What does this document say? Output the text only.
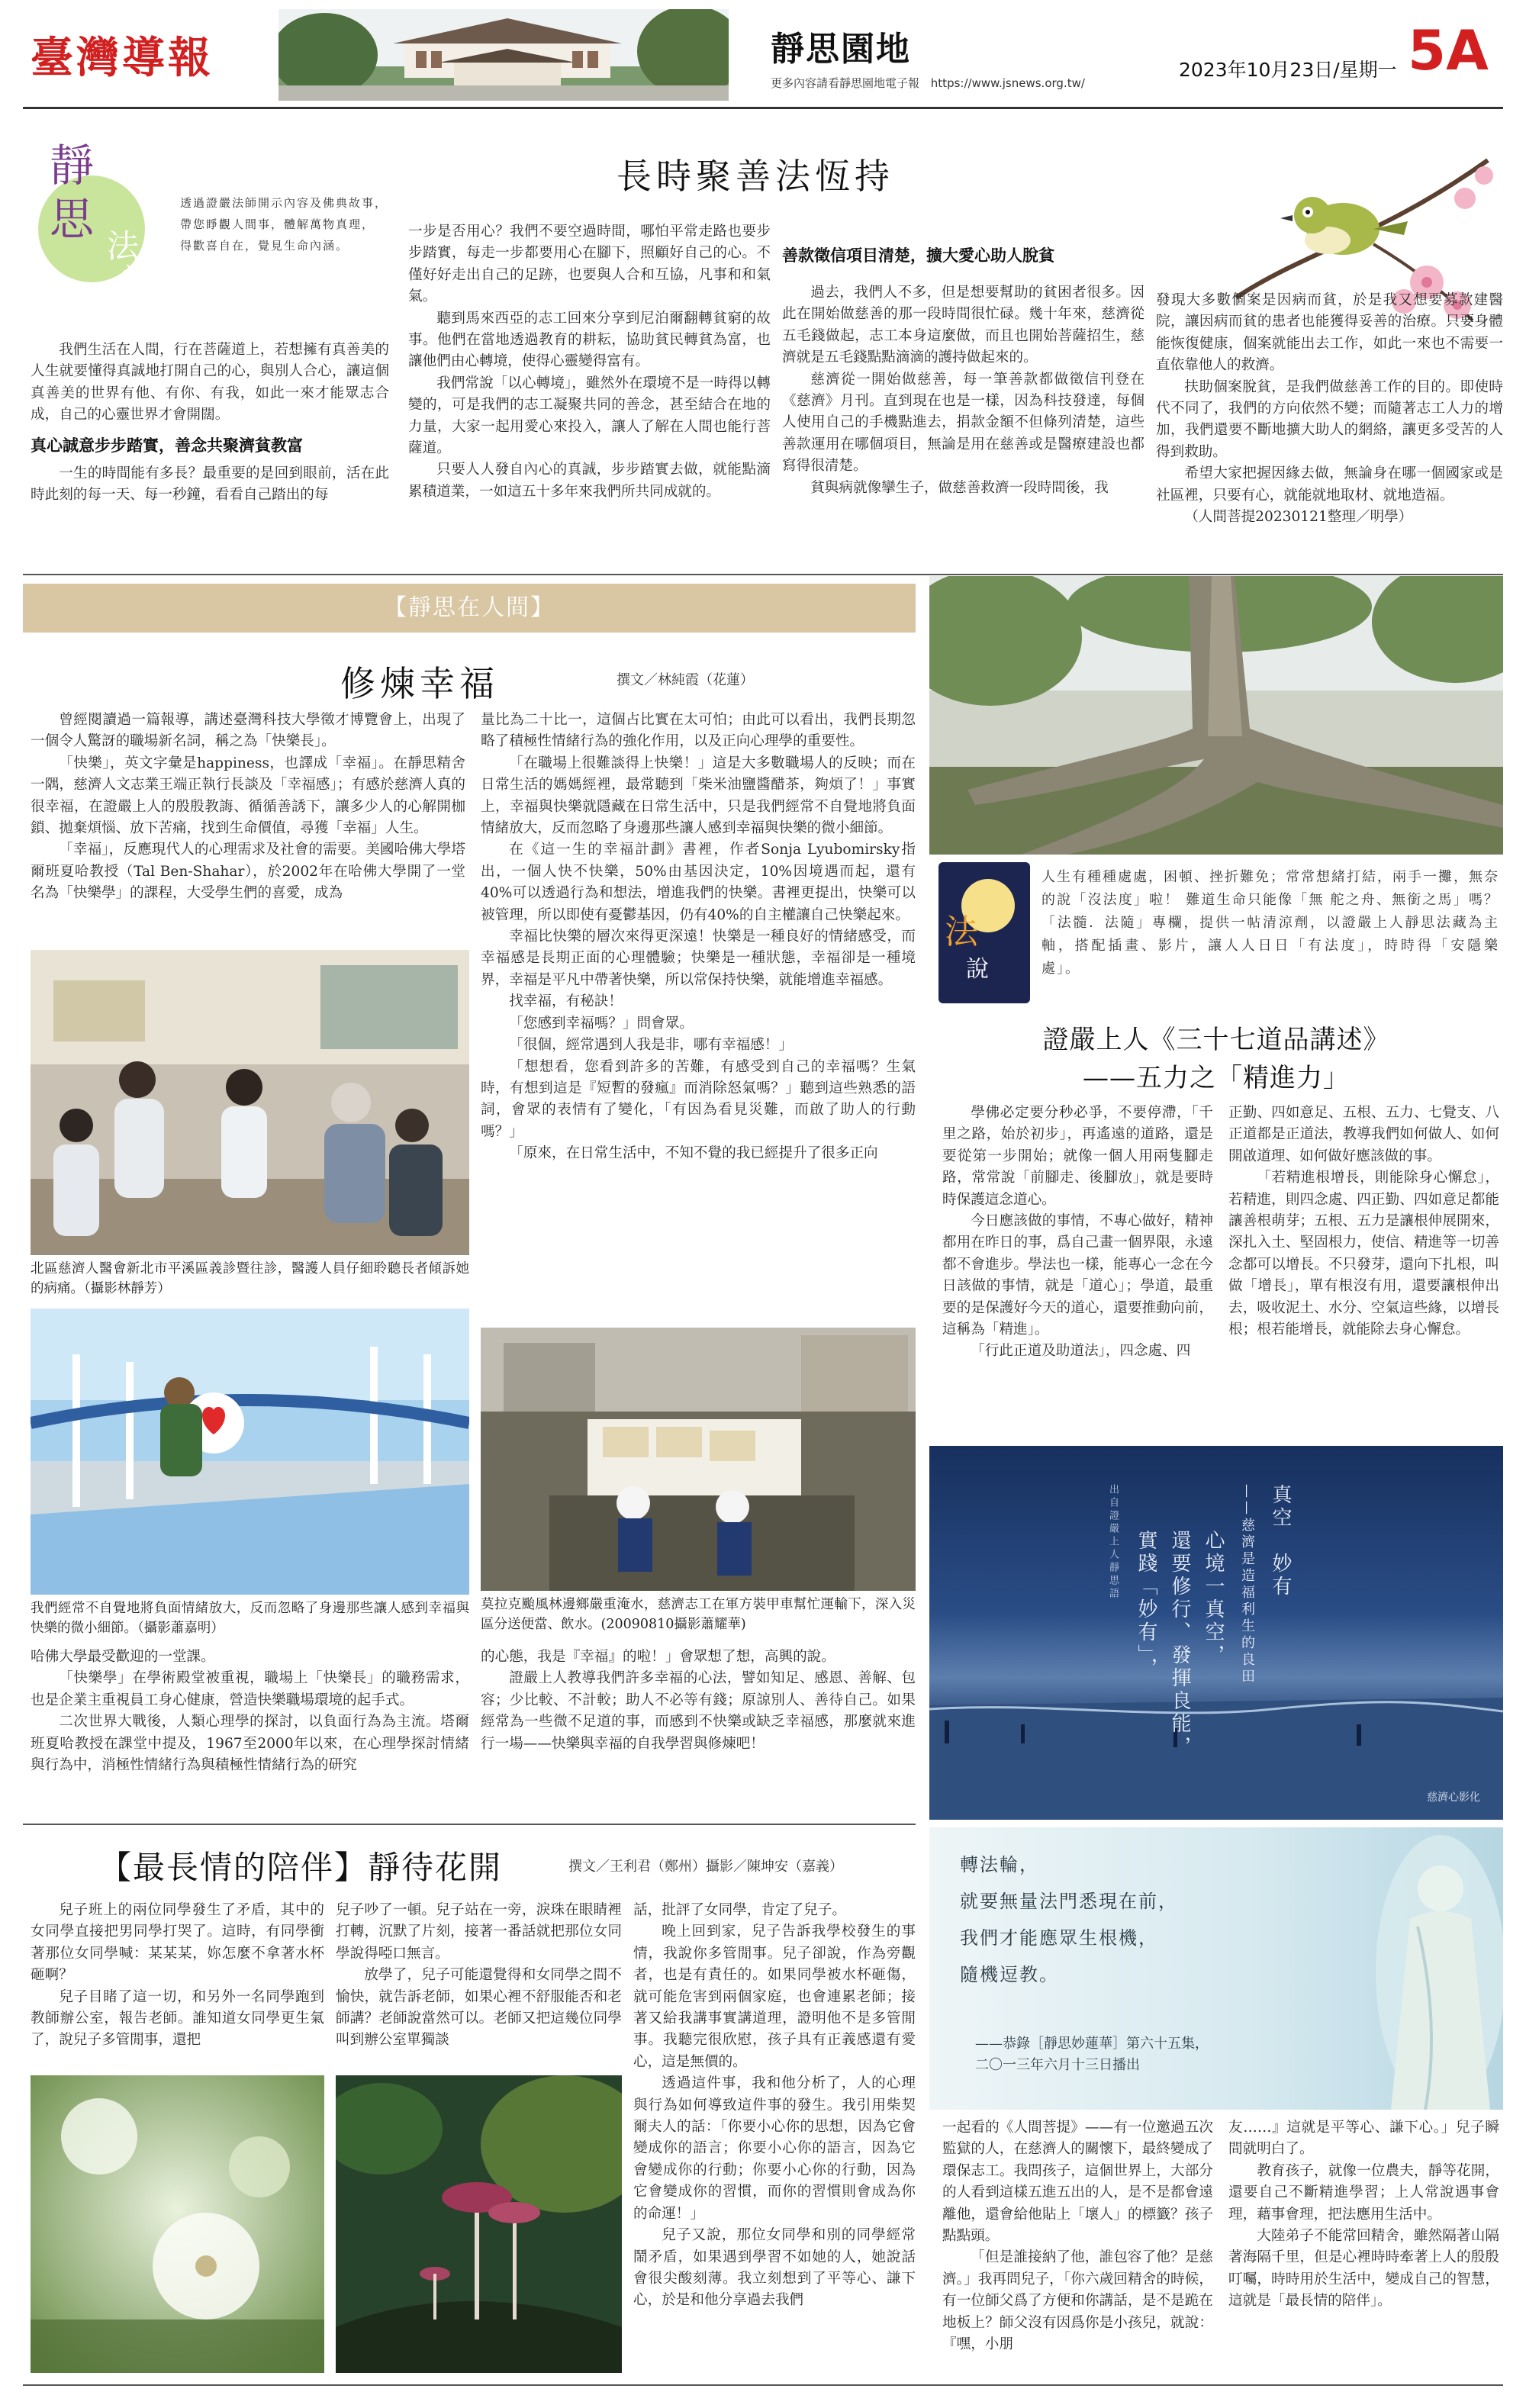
臺灣導報	靜思園地
更多內容請看靜思園地電子報 https://www.jsnews.org.tw/
2023年10月23日/星期一 5A
靜
思
法
語
透過證嚴法師開示內容及佛典故事，
帶您睜觀人間事，體解萬物真理，
得歡喜自在，覺見生命內涵。
長時聚善法恆持

我們生活在人間，行在菩薩道上，若想擁有真善美的人生就要懂得真誠地打開自己的心，與別人合心，讓這個真善美的世界有他、有你、有我，如此一來才能眾志合成，自己的心靈世界才會開闊。

真心誠意步步踏實，善念共聚濟貧教富

一生的時間能有多長？最重要的是回到眼前，活在此時此刻的每一天、每一秒鐘，看看自己踏出的每

一步是否用心？我們不要空過時間，哪怕平常走路也要步步踏實，每走一步都要用心在腳下，照顧好自己的心。不僅好好走出自己的足跡，也要與人合和互協，凡事和和氣氣。

聽到馬來西亞的志工回來分享到尼泊爾翻轉貧窮的故事。他們在當地透過教育的耕耘，協助貧民轉貧為富，也讓他們由心轉境，使得心靈變得富有。

我們常說「以心轉境」，雖然外在環境不是一時得以轉變的，可是我們的志工凝聚共同的善念，甚至結合在地的力量，大家一起用愛心來投入，讓人了解在人間也能行菩薩道。

只要人人發自內心的真誠，步步踏實去做，就能點滴累積道業，一如這五十多年來我們所共同成就的。

善款徵信項目清楚，擴大愛心助人脫貧

過去，我們人不多，但是想要幫助的貧困者很多。因此在開始做慈善的那一段時間很忙碌。幾十年來，慈濟從五毛錢做起，志工本身這麼做，而且也開始菩薩招生，慈濟就是五毛錢點點滴滴的護持做起來的。

慈濟從一開始做慈善，每一筆善款都做徵信刊登在《慈濟》月刊。直到現在也是一樣，因為科技發達，每個人使用自己的手機點進去，捐款金額不但條列清楚，這些善款運用在哪個項目，無論是用在慈善或是醫療建設也都寫得很清楚。

貧與病就像攣生子，做慈善救濟一段時間後，我

發現大多數個案是因病而貧，於是我又想要募款建醫院，讓因病而貧的患者也能獲得妥善的治療。只要身體能恢復健康，個案就能出去工作，如此一來也不需要一直依靠他人的救濟。

扶助個案脫貧，是我們做慈善工作的目的。即使時代不同了，我們的方向依然不變；而隨著志工人力的增加，我們還要不斷地擴大助人的網絡，讓更多受苦的人得到救助。

希望大家把握因緣去做，無論身在哪一個國家或是社區裡，只要有心，就能就地取材、就地造福。

（人間菩提20230121整理／明學）

【靜思在人間】
修煉幸福	撰文／林純霞（花蓮）

曾經閱讀過一篇報導，講述臺灣科技大學徵才博覽會上，出現了一個令人驚訝的職場新名詞，稱之為「快樂長」。

「快樂」，英文字彙是happiness，也譯成「幸福」。在靜思精舍一隅，慈濟人文志業王端正執行長談及「幸福感」；有感於慈濟人真的很幸福，在證嚴上人的殷殷教誨、循循善誘下，讓多少人的心解開枷鎖、拋棄煩惱、放下苦痛，找到生命價值，尋獲「幸福」人生。

「幸福」，反應現代人的心理需求及社會的需要。美國哈佛大學塔爾班夏哈教授（Tal Ben-Shahar），於2002年在哈佛大學開了一堂名為「快樂學」的課程，大受學生們的喜愛，成為

量比為二十比一，這個占比實在太可怕；由此可以看出，我們長期忽略了積極性情緒行為的強化作用，以及正向心理學的重要性。

「在職場上很難談得上快樂！」這是大多數職場人的反映；而在日常生活的媽媽經裡，最常聽到「柴米油鹽醬醋茶，夠煩了！」事實上，幸福與快樂就隱藏在日常生活中，只是我們經常不自覺地將負面情緒放大，反而忽略了身邊那些讓人感到幸福與快樂的微小細節。

在《這一生的幸福計劃》書裡，作者Sonja Lyubomirsky指出，一個人快不快樂，50%由基因決定，10%因境遇而起，還有40%可以透過行為和想法，增進我們的快樂。書裡更提出，快樂可以被管理，所以即使有憂鬱基因，仍有40%的自主權讓自己快樂起來。

幸福比快樂的層次來得更深遠！快樂是一種良好的情緒感受，而幸福感是長期正面的心理體驗；快樂是一種狀態，幸福卻是一種境界，幸福是平凡中帶著快樂，所以常保持快樂，就能增進幸福感。

找幸福，有秘訣！

「您感到幸福嗎？」問會眾。

「很個，經常遇到人我是非，哪有幸福感！」

「想想看，您看到許多的苦難，有感受到自己的幸福嗎？生氣時，有想到這是『短暫的發瘋』而消除怒氣嗎？」聽到這些熟悉的語詞，會眾的表情有了變化，「有因為看見災難，而啟了助人的行動嗎？」

「原來，在日常生活中，不知不覺的我已經提升了很多正向

北區慈濟人醫會新北市平溪區義診暨往診，醫護人員仔細聆聽長者傾訴她的病痛。（攝影林靜芳）
我們經常不自覺地將負面情緒放大，反而忽略了身邊那些讓人感到幸福與快樂的微小細節。（攝影蕭嘉明）
莫拉克颱風林邊鄉嚴重淹水，慈濟志工在軍方裝甲車幫忙運輸下，深入災區分送便當、飲水。(20090810攝影蕭耀華)

哈佛大學最受歡迎的一堂課。

「快樂學」在學術殿堂被重視，職場上「快樂長」的職務需求，也是企業主重視員工身心健康，營造快樂職場環境的起手式。

二次世界大戰後，人類心理學的探討，以負面行為為主流。塔爾班夏哈教授在課堂中提及，1967至2000年以來，在心理學探討情緒與行為中，消極性情緒行為與積極性情緒行為的研究

的心態，我是『幸福』的啦！」會眾想了想，高興的說。

證嚴上人教導我們許多幸福的心法，譬如知足、感恩、善解、包容；少比較、不計較；助人不必等有錢；原諒別人、善待自己。如果經常為一些微不足道的事，而感到不快樂或缺乏幸福感，那麼就來進行一場——快樂與幸福的自我學習與修煉吧！

法
說
人生有種種處處，困頓、挫折難免；常常想緒打結，兩手一攤，無奈的說「沒法度」啦！ 難道生命只能像「無 舵之舟、無銜之馬」嗎？「法髓．法隨」專欄，提供一帖清涼劑，以證嚴上人靜思法藏為主軸，搭配插畫、影片，讓人人日日「有法度」，時時得「安隱樂處」。
證嚴上人《三十七道品講述》
——五力之「精進力」

學佛必定要分秒必爭，不要停滯，「千里之路，始於初步」，再遙遠的道路，還是要從第一步開始；就像一個人用兩隻腳走路，常常說「前腳走、後腳放」，就是要時時保護這念道心。

今日應該做的事情，不專心做好，精神都用在昨日的事，爲自己畫一個界限，永遠都不會進步。學法也一樣，能專心一念在今日該做的事情，就是「道心」；學道，最重要的是保護好今天的道心，還要推動向前，這稱為「精進」。

「行此正道及助道法」，四念處、四

正勤、四如意足、五根、五力、七覺支、八正道都是正道法，教導我們如何做人、如何開啟道理、如何做好應該做的事。

「若精進根增長，則能除身心懈怠」，若精進，則四念處、四正勤、四如意足都能讓善根萌芽；五根、五力是讓根伸展開來，深扎入土、堅固根力，使信、精進等一切善念都可以增長。不只發芽，還向下扎根，叫做「增長」，單有根沒有用，還要讓根伸出去，吸收泥土、水分、空氣這些緣，以增長根；根若能增長，就能除去身心懈怠。

真空　妙有
——慈濟是造福利生的良田
　　心境一真空，
　　還要修行、發揮良能，
　　實踐「妙有」，
出自證嚴上人靜思語
慈濟心影化
轉法輪，
就要無量法門悉現在前，
我們才能應眾生根機，
隨機逗教。
——恭錄［靜思妙蓮華］第六十五集，
二〇一三年六月十三日播出
【最長情的陪伴】靜待花開	撰文／王利君（鄭州）攝影／陳坤安（嘉義）

兒子班上的兩位同學發生了矛盾，其中的女同學直接把男同學打哭了。這時，有同學衝著那位女同學喊：某某某，妳怎麼不拿著水杯砸啊？

兒子目睹了這一切，和另外一名同學跑到教師辦公室，報告老師。誰知道女同學更生氣了，說兒子多管閒事，還把

兒子吵了一頓。兒子站在一旁，淚珠在眼睛裡打轉，沉默了片刻，接著一番話就把那位女同學說得啞口無言。

放學了，兒子可能還覺得和女同學之間不愉快，就告訴老師，如果心裡不舒服能否和老師講？老師說當然可以。老師又把這幾位同學叫到辦公室單獨談

話，批評了女同學，肯定了兒子。

晚上回到家，兒子告訴我學校發生的事情，我說你多管閒事。兒子卻說，作為旁觀者，也是有責任的。如果同學被水杯砸傷，就可能危害到兩個家庭，也會連累老師；接著又給我講事實講道理，證明他不是多管閒事。我聽完很欣慰，孩子具有正義感還有愛心，這是無價的。

透過這件事，我和他分析了，人的心理與行為如何導致這件事的發生。我引用柴契爾夫人的話：「你要小心你的思想，因為它會變成你的語言；你要小心你的語言，因為它會變成你的行動；你要小心你的行動，因為它會變成你的習慣，而你的習慣則會成為你的命運！」

兒子又說，那位女同學和別的同學經常鬧矛盾，如果遇到學習不如她的人，她說話會很尖酸刻薄。我立刻想到了平等心、謙下心，於是和他分享過去我們

一起看的《人間菩提》——有一位邀過五次監獄的人，在慈濟人的關懷下，最終變成了環保志工。我問孩子，這個世界上，大部分的人看到這樣五進五出的人，是不是都會遠離他，還會給他貼上「壞人」的標籤？孩子點點頭。

「但是誰接納了他，誰包容了他？是慈濟。」我再問兒子，「你六歲回精舍的時候，有一位師父爲了方便和你講話，是不是跪在地板上？師父沒有因爲你是小孩兒，就說：『嘿，小朋

友……』這就是平等心、謙下心。」兒子瞬間就明白了。

教育孩子，就像一位農夫，靜等花開，還要自己不斷精進學習；上人常說遇事會理，藉事會理，把法應用生活中。

大陸弟子不能常回精舍，雖然隔著山隔著海隔千里，但是心裡時時牽著上人的殷殷叮囑，時時用於生活中，變成自己的智慧，這就是「最長情的陪伴」。
